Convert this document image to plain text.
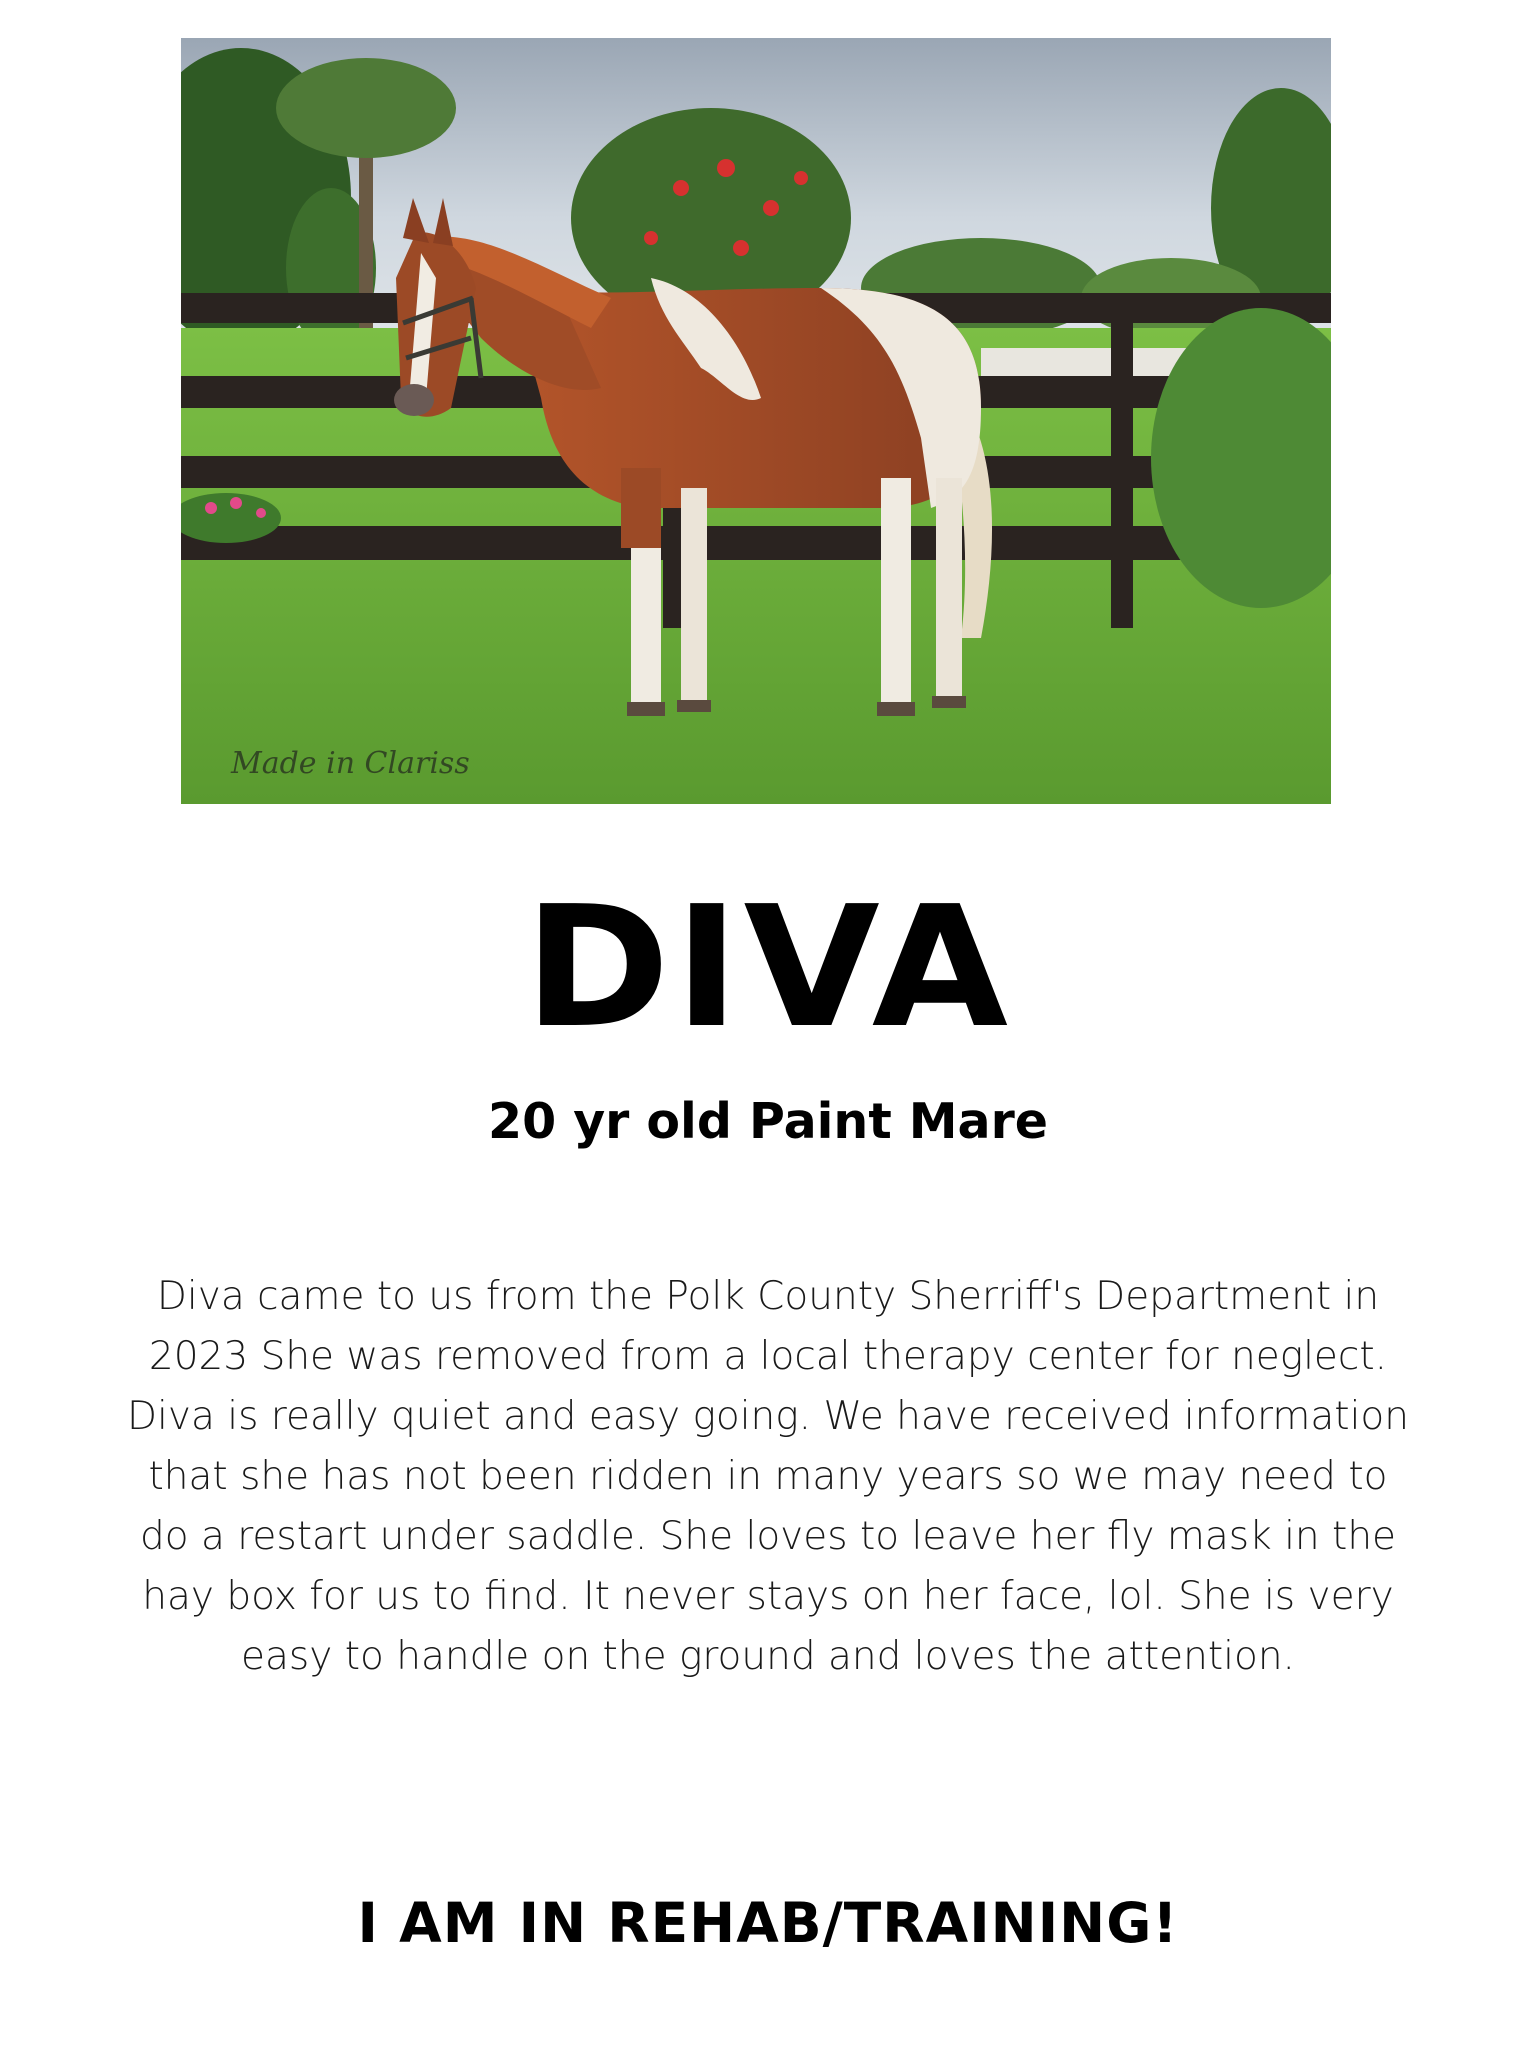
Made in Clariss
DIVA
20 yr old Paint Mare
Diva came to us from the Polk County Sherriff's Department in 2023 She was removed from a local therapy center for neglect. Diva is really quiet and easy going. We have received information that she has not been ridden in many years so we may need to do a restart under saddle. She loves to leave her fly mask in the hay box for us to find. It never stays on her face, lol. She is very easy to handle on the ground and loves the attention.
I AM IN REHAB/TRAINING!
